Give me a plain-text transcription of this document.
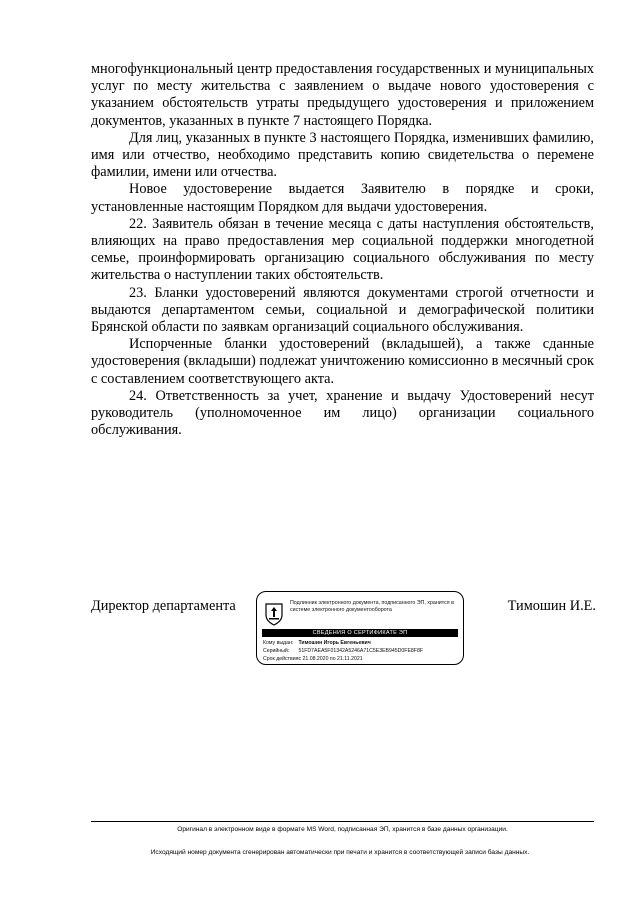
многофункциональный центр предоставления государственных и муниципальных услуг по месту жительства с заявлением о выдаче нового удостоверения с указанием обстоятельств утраты предыдущего удостоверения и приложением документов, указанных в пункте 7 настоящего Порядка.

Для лиц, указанных в пункте 3 настоящего Порядка, изменивших фамилию, имя или отчество, необходимо представить копию свидетельства о перемене фамилии, имени или отчества.

Новое удостоверение выдается Заявителю в порядке и сроки, установленные настоящим Порядком для выдачи удостоверения.

22. Заявитель обязан в течение месяца с даты наступления обстоятельств, влияющих на право предоставления мер социальной поддержки многодетной семье, проинформировать организацию социального обслуживания по месту жительства о наступлении таких обстоятельств.

23. Бланки удостоверений являются документами строгой отчетности и выдаются департаментом семьи, социальной и демографической политики Брянской области по заявкам организаций социального обслуживания.

Испорченные бланки удостоверений (вкладышей), а также сданные удостоверения (вкладыши) подлежат уничтожению комиссионно в месячный срок с составлением соответствующего акта.

24. Ответственность за учет, хранение и выдачу Удостоверений несут руководитель (уполномоченное им лицо) организации социального обслуживания.

Директор департамента	Подлинник электронного документа, подписанного ЭП, хранится в системе электронного документооборота
СВЕДЕНИЯ О СЕРТИФИКАТЕ ЭП
Кому выдан: Тимошин Игорь Евгеньевич
Серийный: 51FD7AEA5F01342A5246A71C5E3EB945D0FE8F8F
Срок действия: с 21.08.2020 по 21.11.2021
Тимошин И.Е.
Оригинал в электронном виде в формате MS Word, подписанная ЭП, хранится в базе данных организации.
Исходящий номер документа сгенерирован автоматически при печати и хранится в соответствующей записи базы данных.
